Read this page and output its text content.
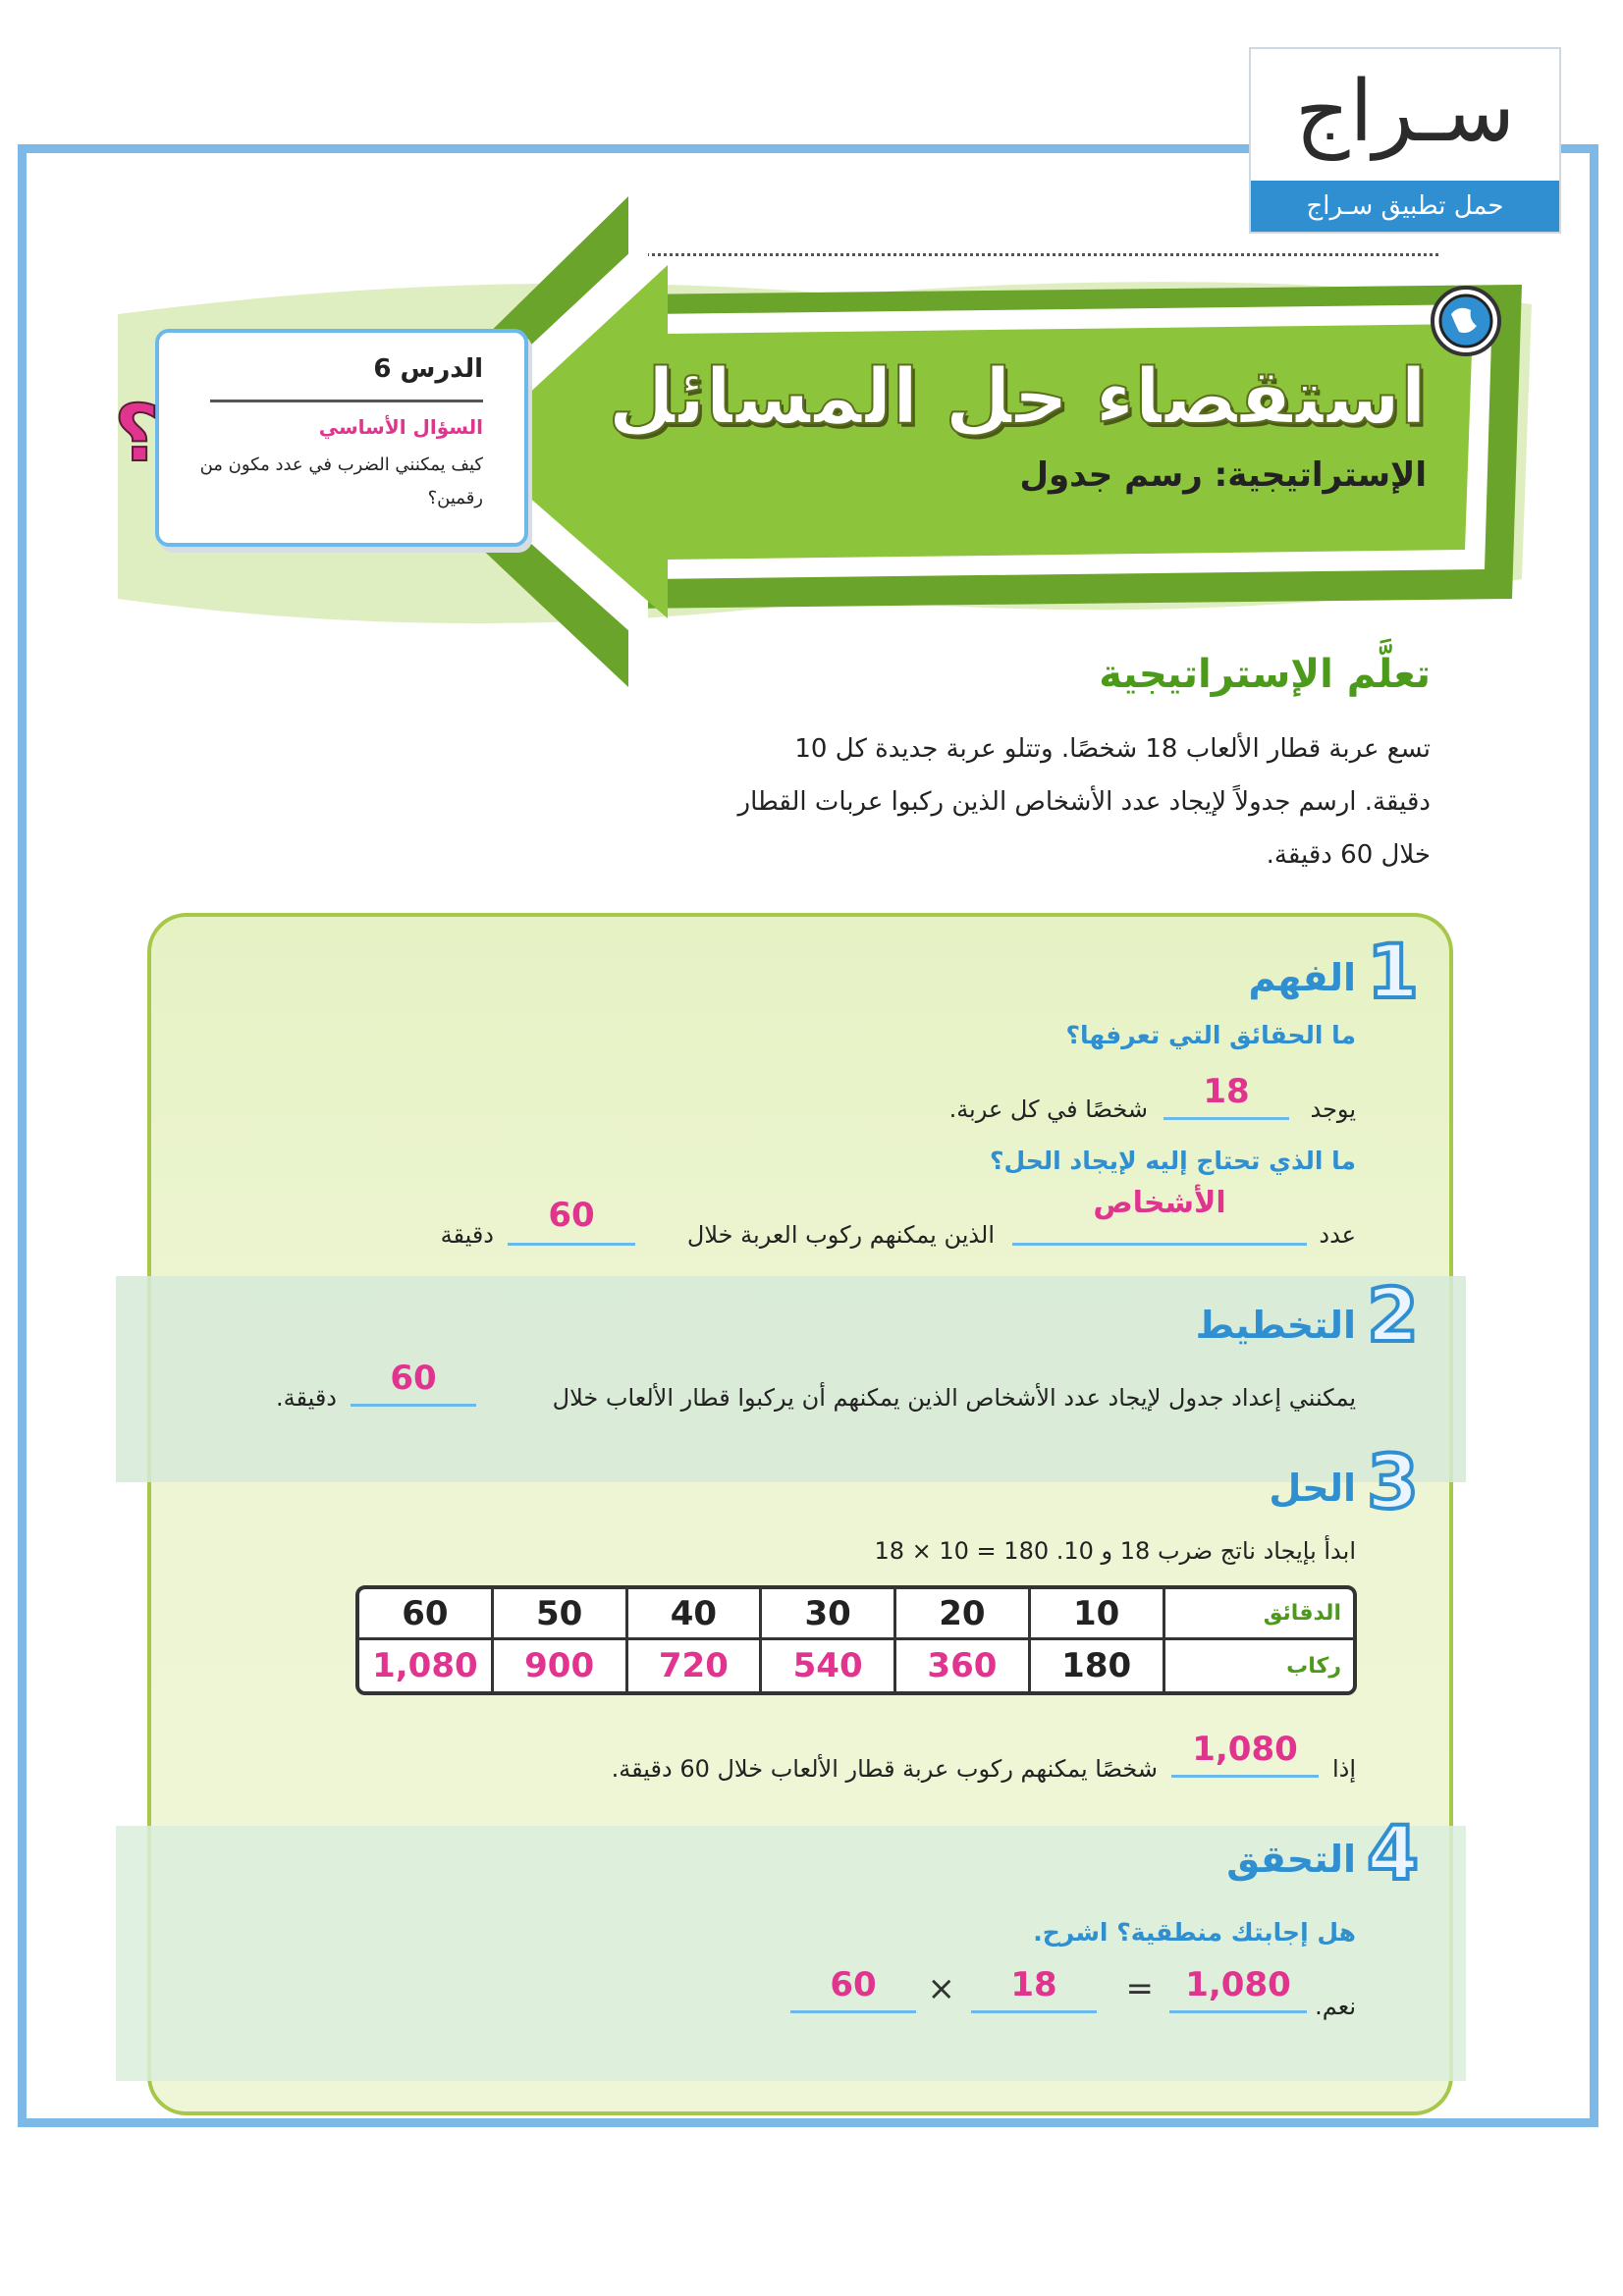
سـراج
حمل تطبيق سـراج
استقصاء حل المسائل
الإستراتيجية: رسم جدول
الدرس 6
السؤال الأساسي
كيف يمكنني الضرب في عدد مكون من رقمين؟
؟
تعلَّم الإستراتيجية
تسع عربة قطار الألعاب 18 شخصًا. وتتلو عربة جديدة كل 10 دقيقة. ارسم جدولاً لإيجاد عدد الأشخاص الذين ركبوا عربات القطار خلال 60 دقيقة.
1
الفهم
ما الحقائق التي تعرفها؟
يوجد
18
شخصًا في كل عربة.
ما الذي تحتاج إليه لإيجاد الحل؟
عدد
الأشخاص
الذين يمكنهم ركوب العربة خلال
60
دقيقة
2
التخطيط
يمكنني إعداد جدول لإيجاد عدد الأشخاص الذين يمكنهم أن يركبوا قطار الألعاب خلال
60
دقيقة.
3
الحل
ابدأ بإيجاد ناتج ضرب 18 و 10. 180 = 10 × 18
60	50	40	30	20	10	الدقائق
1,080	900	720	540	360	180	ركاب
إذا
1,080
شخصًا يمكنهم ركوب عربة قطار الألعاب خلال 60 دقيقة.
4
التحقق
هل إجابتك منطقية؟ اشرح.
نعم.
1,080
=
18
×
60
